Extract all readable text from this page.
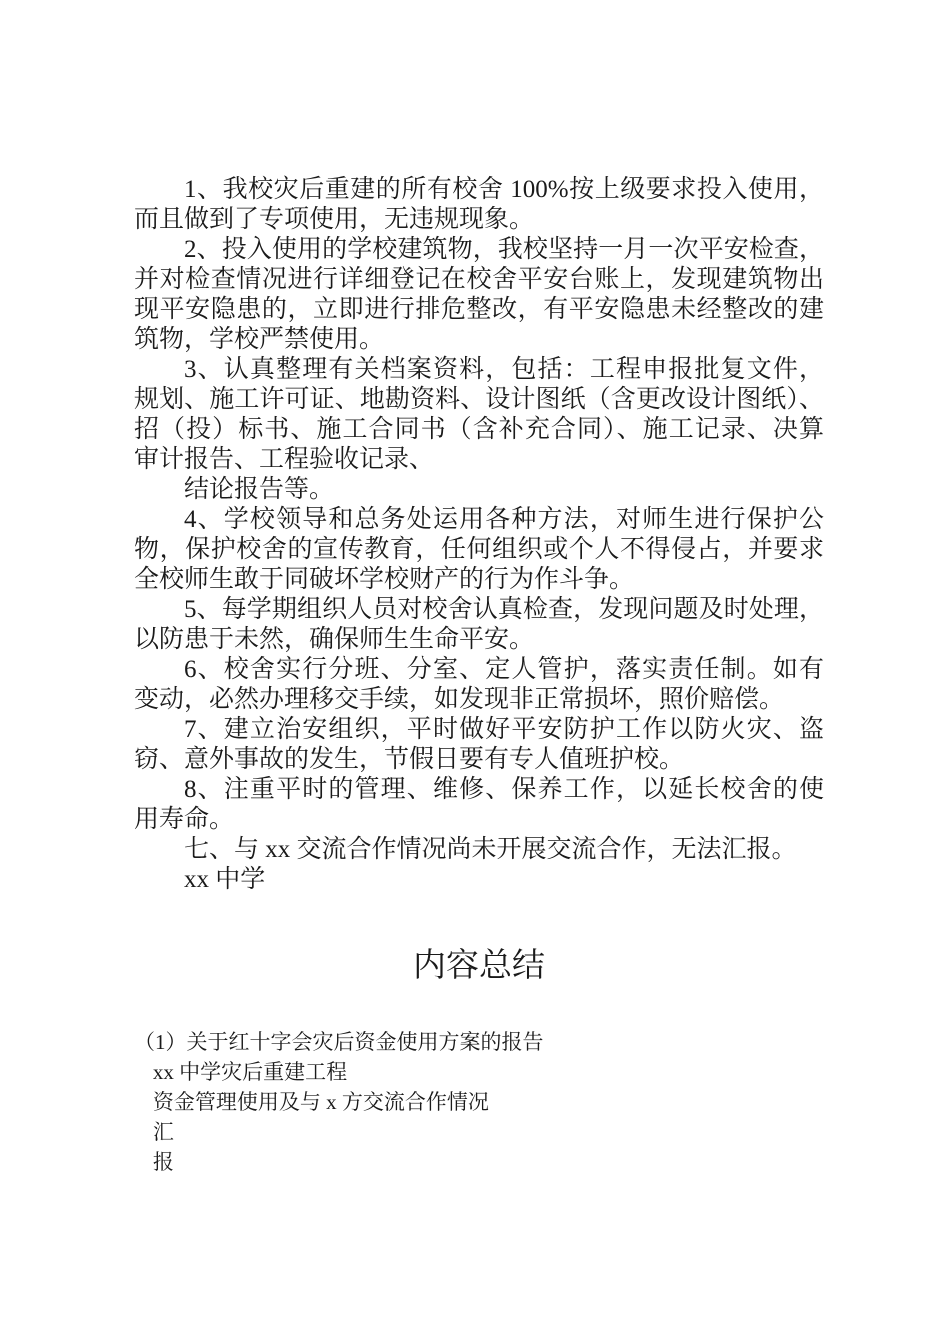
1、我校灾后重建的所有校舍 100%按上级要求投入使用，
而且做到了专项使用，无违规现象。
2、投入使用的学校建筑物，我校坚持一月一次平安检查，
并对检查情况进行详细登记在校舍平安台账上，发现建筑物出
现平安隐患的，立即进行排危整改，有平安隐患未经整改的建
筑物，学校严禁使用。
3、认真整理有关档案资料，包括：工程申报批复文件，
规划、施工许可证、地勘资料、设计图纸（含更改设计图纸）、
招（投）标书、施工合同书（含补充合同）、施工记录、决算
审计报告、工程验收记录、
结论报告等。
4、学校领导和总务处运用各种方法，对师生进行保护公
物，保护校舍的宣传教育，任何组织或个人不得侵占，并要求
全校师生敢于同破坏学校财产的行为作斗争。
5、每学期组织人员对校舍认真检查，发现问题及时处理，
以防患于未然，确保师生生命平安。
6、校舍实行分班、分室、定人管护，落实责任制。如有
变动，必然办理移交手续，如发现非正常损坏，照价赔偿。
7、建立治安组织，平时做好平安防护工作以防火灾、盗
窃、意外事故的发生，节假日要有专人值班护校。
8、注重平时的管理、维修、保养工作，以延长校舍的使
用寿命。
七、与 xx 交流合作情况尚未开展交流合作，无法汇报。
xx 中学
内容总结
（1）关于红十字会灾后资金使用方案的报告
xx 中学灾后重建工程
资金管理使用及与 x 方交流合作情况
汇
报
